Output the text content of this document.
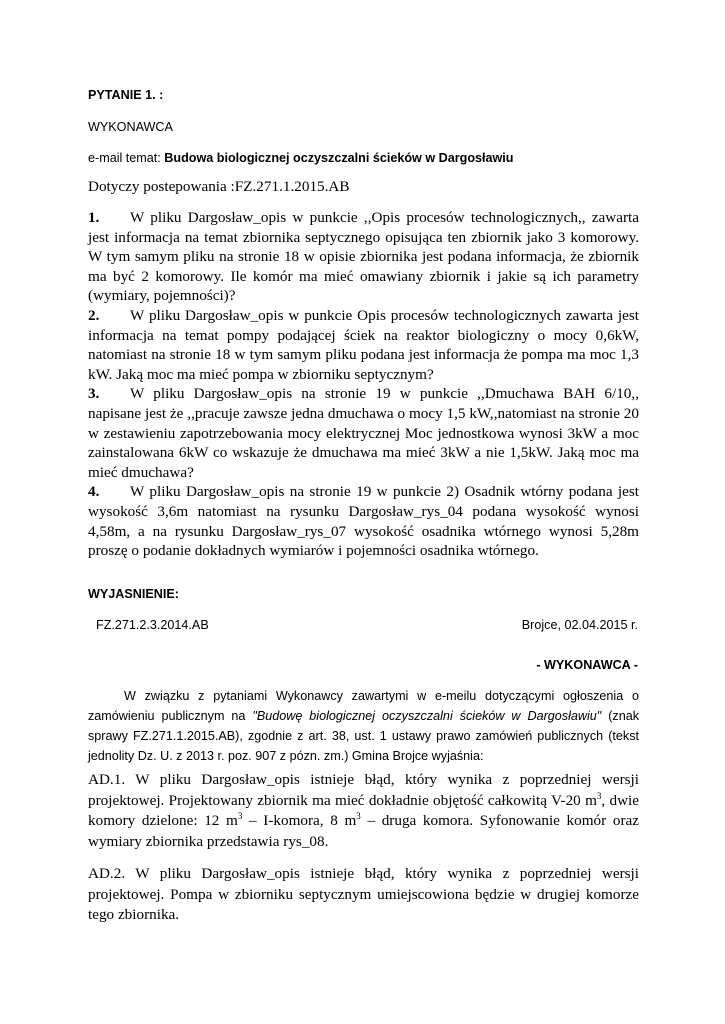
PYTANIE 1. :

WYKONAWCA

e-mail temat: Budowa biologicznej oczyszczalni ścieków w Dargosławiu

Dotyczy postepowania :FZ.271.1.2015.AB

1. W pliku Dargosław_opis w punkcie ,,Opis procesów technologicznych,, zawarta jest informacja na temat zbiornika septycznego opisująca ten zbiornik jako 3 komorowy. W tym samym pliku na stronie 18 w opisie zbiornika jest podana informacja, że zbiornik ma być 2 komorowy. Ile komór ma mieć omawiany zbiornik i jakie są ich parametry (wymiary, pojemności)?

2. W pliku Dargosław_opis w punkcie Opis procesów technologicznych zawarta jest informacja na temat pompy podającej ściek na reaktor biologiczny o mocy 0,6kW, natomiast na stronie 18 w tym samym pliku podana jest informacja że pompa ma moc 1,3 kW. Jaką moc ma mieć pompa w zbiorniku septycznym?

3. W pliku Dargosław_opis na stronie 19 w punkcie ,,Dmuchawa BAH 6/10,, napisane jest że ,,pracuje zawsze jedna dmuchawa o mocy 1,5 kW,,natomiast na stronie 20 w zestawieniu zapotrzebowania mocy elektrycznej Moc jednostkowa wynosi 3kW a moc zainstalowana 6kW co wskazuje że dmuchawa ma mieć 3kW a nie 1,5kW. Jaką moc ma mieć dmuchawa?

4. W pliku Dargosław_opis na stronie 19 w punkcie 2) Osadnik wtórny podana jest wysokość 3,6m natomiast na rysunku Dargosław_rys_04 podana wysokość wynosi 4,58m, a na rysunku Dargosław_rys_07 wysokość osadnika wtórnego wynosi 5,28m proszę o podanie dokładnych wymiarów i pojemności osadnika wtórnego.

WYJASNIENIE:

FZ.271.2.3.2014.AB	Brojce, 02.04.2015 r.

- WYKONAWCA -

W związku z pytaniami Wykonawcy zawartymi w e-meilu dotyczącymi ogłoszenia o zamówieniu publicznym na "Budowę biologicznej oczyszczalni ścieków w Dargosławiu" (znak sprawy FZ.271.1.2015.AB), zgodnie z art. 38, ust. 1 ustawy prawo zamówień publicznych (tekst jednolity Dz. U. z 2013 r. poz. 907 z pózn. zm.) Gmina Brojce wyjaśnia:

AD.1. W pliku Dargosław_opis istnieje błąd, który wynika z poprzedniej wersji projektowej. Projektowany zbiornik ma mieć dokładnie objętość całkowitą V-20 $m^3$, dwie komory dzielone: 12 $m^3$ – I-komora, 8 $m^3$ – druga komora. Syfonowanie komór oraz wymiary zbiornika przedstawia rys_08.

AD.2. W pliku Dargosław_opis istnieje błąd, który wynika z poprzedniej wersji projektowej. Pompa w zbiorniku septycznym umiejscowiona będzie w drugiej komorze tego zbiornika.
